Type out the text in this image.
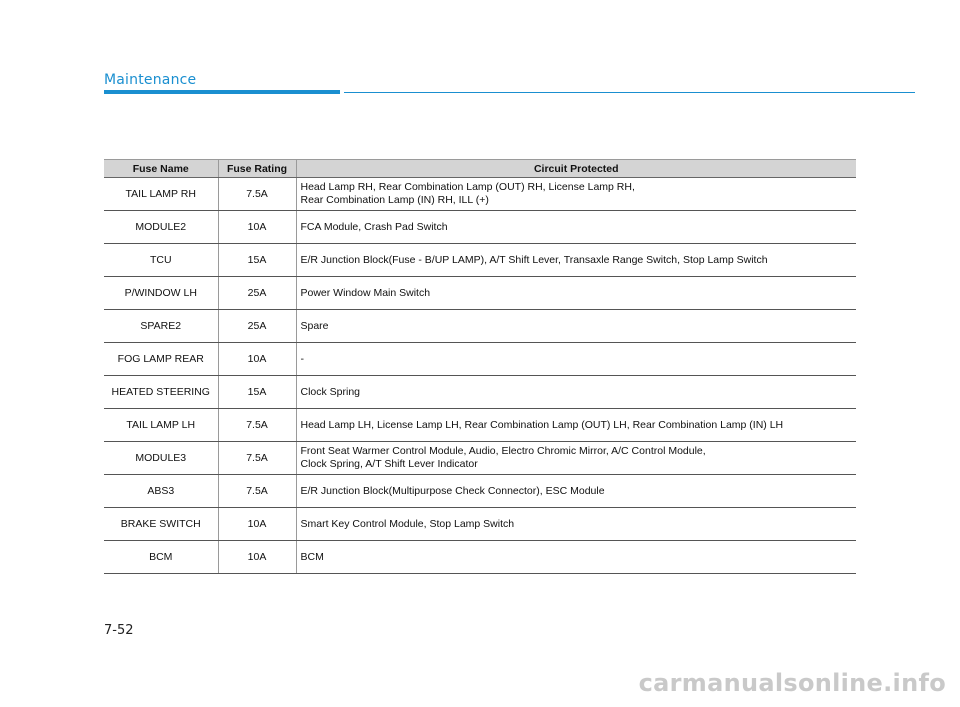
Maintenance
Fuse Name	Fuse Rating	Circuit Protected
TAIL LAMP RH	7.5A	Head Lamp RH, Rear Combination Lamp (OUT) RH, License Lamp RH,
Rear Combination Lamp (IN) RH, ILL (+)
MODULE2	10A	FCA Module, Crash Pad Switch
TCU	15A	E/R Junction Block(Fuse - B/UP LAMP), A/T Shift Lever, Transaxle Range Switch, Stop Lamp Switch
P/WINDOW LH	25A	Power Window Main Switch
SPARE2	25A	Spare
FOG LAMP REAR	10A	-
HEATED STEERING	15A	Clock Spring
TAIL LAMP LH	7.5A	Head Lamp LH, License Lamp LH, Rear Combination Lamp (OUT) LH, Rear Combination Lamp (IN) LH
MODULE3	7.5A	Front Seat Warmer Control Module, Audio, Electro Chromic Mirror, A/C Control Module,
Clock Spring, A/T Shift Lever Indicator
ABS3	7.5A	E/R Junction Block(Multipurpose Check Connector), ESC Module
BRAKE SWITCH	10A	Smart Key Control Module, Stop Lamp Switch
BCM	10A	BCM
7-52
carmanualsonline.info
